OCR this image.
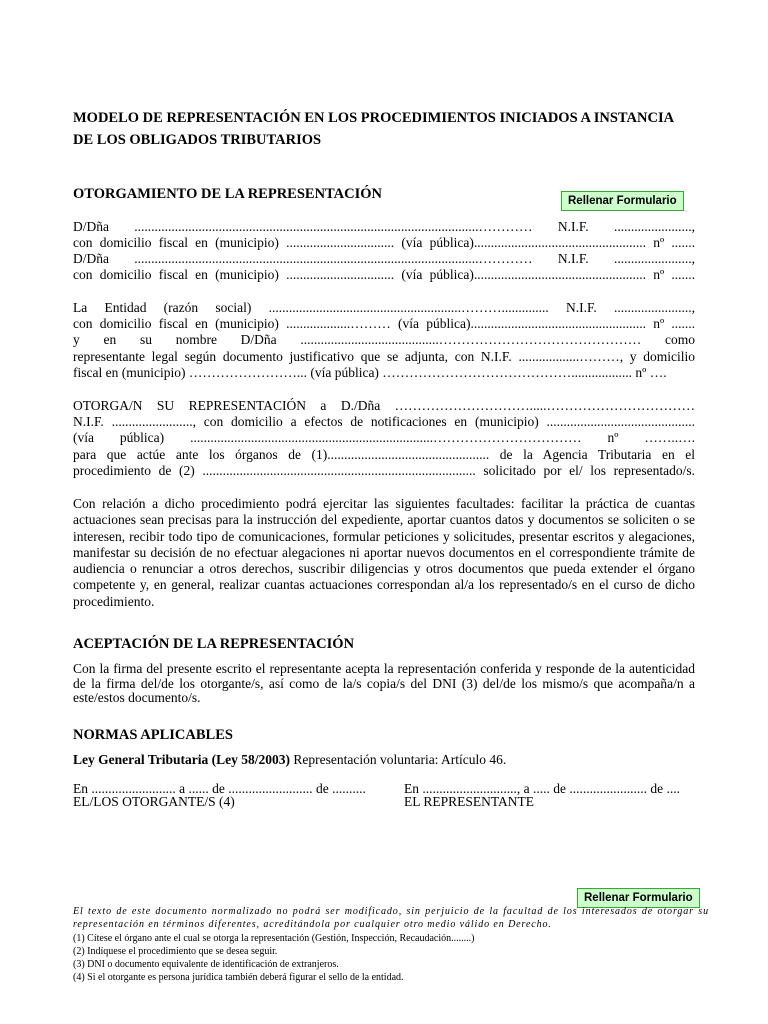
MODELO DE REPRESENTACIÓN EN LOS PROCEDIMIENTOS INICIADOS A INSTANCIA DE LOS OBLIGADOS TRIBUTARIOS
OTORGAMIENTO DE LA REPRESENTACIÓN	Rellenar Formulario
D/Dña ......................................................................................................………… N.I.F. .......................,
con domicilio fiscal en (municipio) ................................ (vía pública)................................................... nº .......
D/Dña ......................................................................................................………… N.I.F. .......................,
con domicilio fiscal en (municipio) ................................ (vía pública)................................................... nº .......
La Entidad (razón social) .........................................................……….............. N.I.F. .......................,
con domicilio fiscal en (municipio) ...................……… (vía pública).................................................... nº .......
y en su nombre D/Dña .........................................……………………………………… como
representante legal según documento justificativo que se adjunta, con N.I.F. ..................………, y domicilio
fiscal en (municipio) ……………………... (vía pública) …………………………………….................. nº ….
OTORGA/N SU REPRESENTACIÓN a D./Dña ………………………….....……………………………
N.I.F. ........................, con domicilio a efectos de notificaciones en (municipio) ............................................
(vía pública) ........................................................................…………………………… nº ……..….
para que actúe ante los órganos de (1)................................................ de la Agencia Tributaria en el
procedimiento de (2) ................................................................................. solicitado por el/ los representado/s.
Con relación a dicho procedimiento podrá ejercitar las siguientes facultades: facilitar la práctica de cuantas actuaciones sean precisas para la instrucción del expediente, aportar cuantos datos y documentos se soliciten o se interesen, recibir todo tipo de comunicaciones, formular peticiones y solicitudes, presentar escritos y alegaciones, manifestar su decisión de no efectuar alegaciones ni aportar nuevos documentos en el correspondiente trámite de audiencia o renunciar a otros derechos, suscribir diligencias y otros documentos que pueda extender el órgano competente y, en general, realizar cuantas actuaciones correspondan al/a los representado/s en el curso de dicho procedimiento.
ACEPTACIÓN DE LA REPRESENTACIÓN
Con la firma del presente escrito el representante acepta la representación conferida y responde de la autenticidad de la firma del/de los otorgante/s, así como de la/s copia/s del DNI (3) del/de los mismo/s que acompaña/n a este/estos documento/s.
NORMAS APLICABLES
Ley General Tributaria (Ley 58/2003) Representación voluntaria: Artículo 46.
En ......................... a ...... de ......................... de ..........
EL/LOS OTORGANTE/S (4)
En ............................, a ..... de ....................... de ....
EL REPRESENTANTE
Rellenar Formulario
El texto de este documento normalizado no podrá ser modificado, sin perjuicio de la facultad de los interesados de otorgar su representación en términos diferentes, acreditándola por cualquier otro medio válido en Derecho.
(1) Cítese el órgano ante el cual se otorga la representación (Gestión, Inspección, Recaudación........)
(2) Indíquese el procedimiento que se desea seguir.
(3) DNI o documento equivalente de identificación de extranjeros.
(4) Si el otorgante es persona jurídica también deberá figurar el sello de la entidad.
